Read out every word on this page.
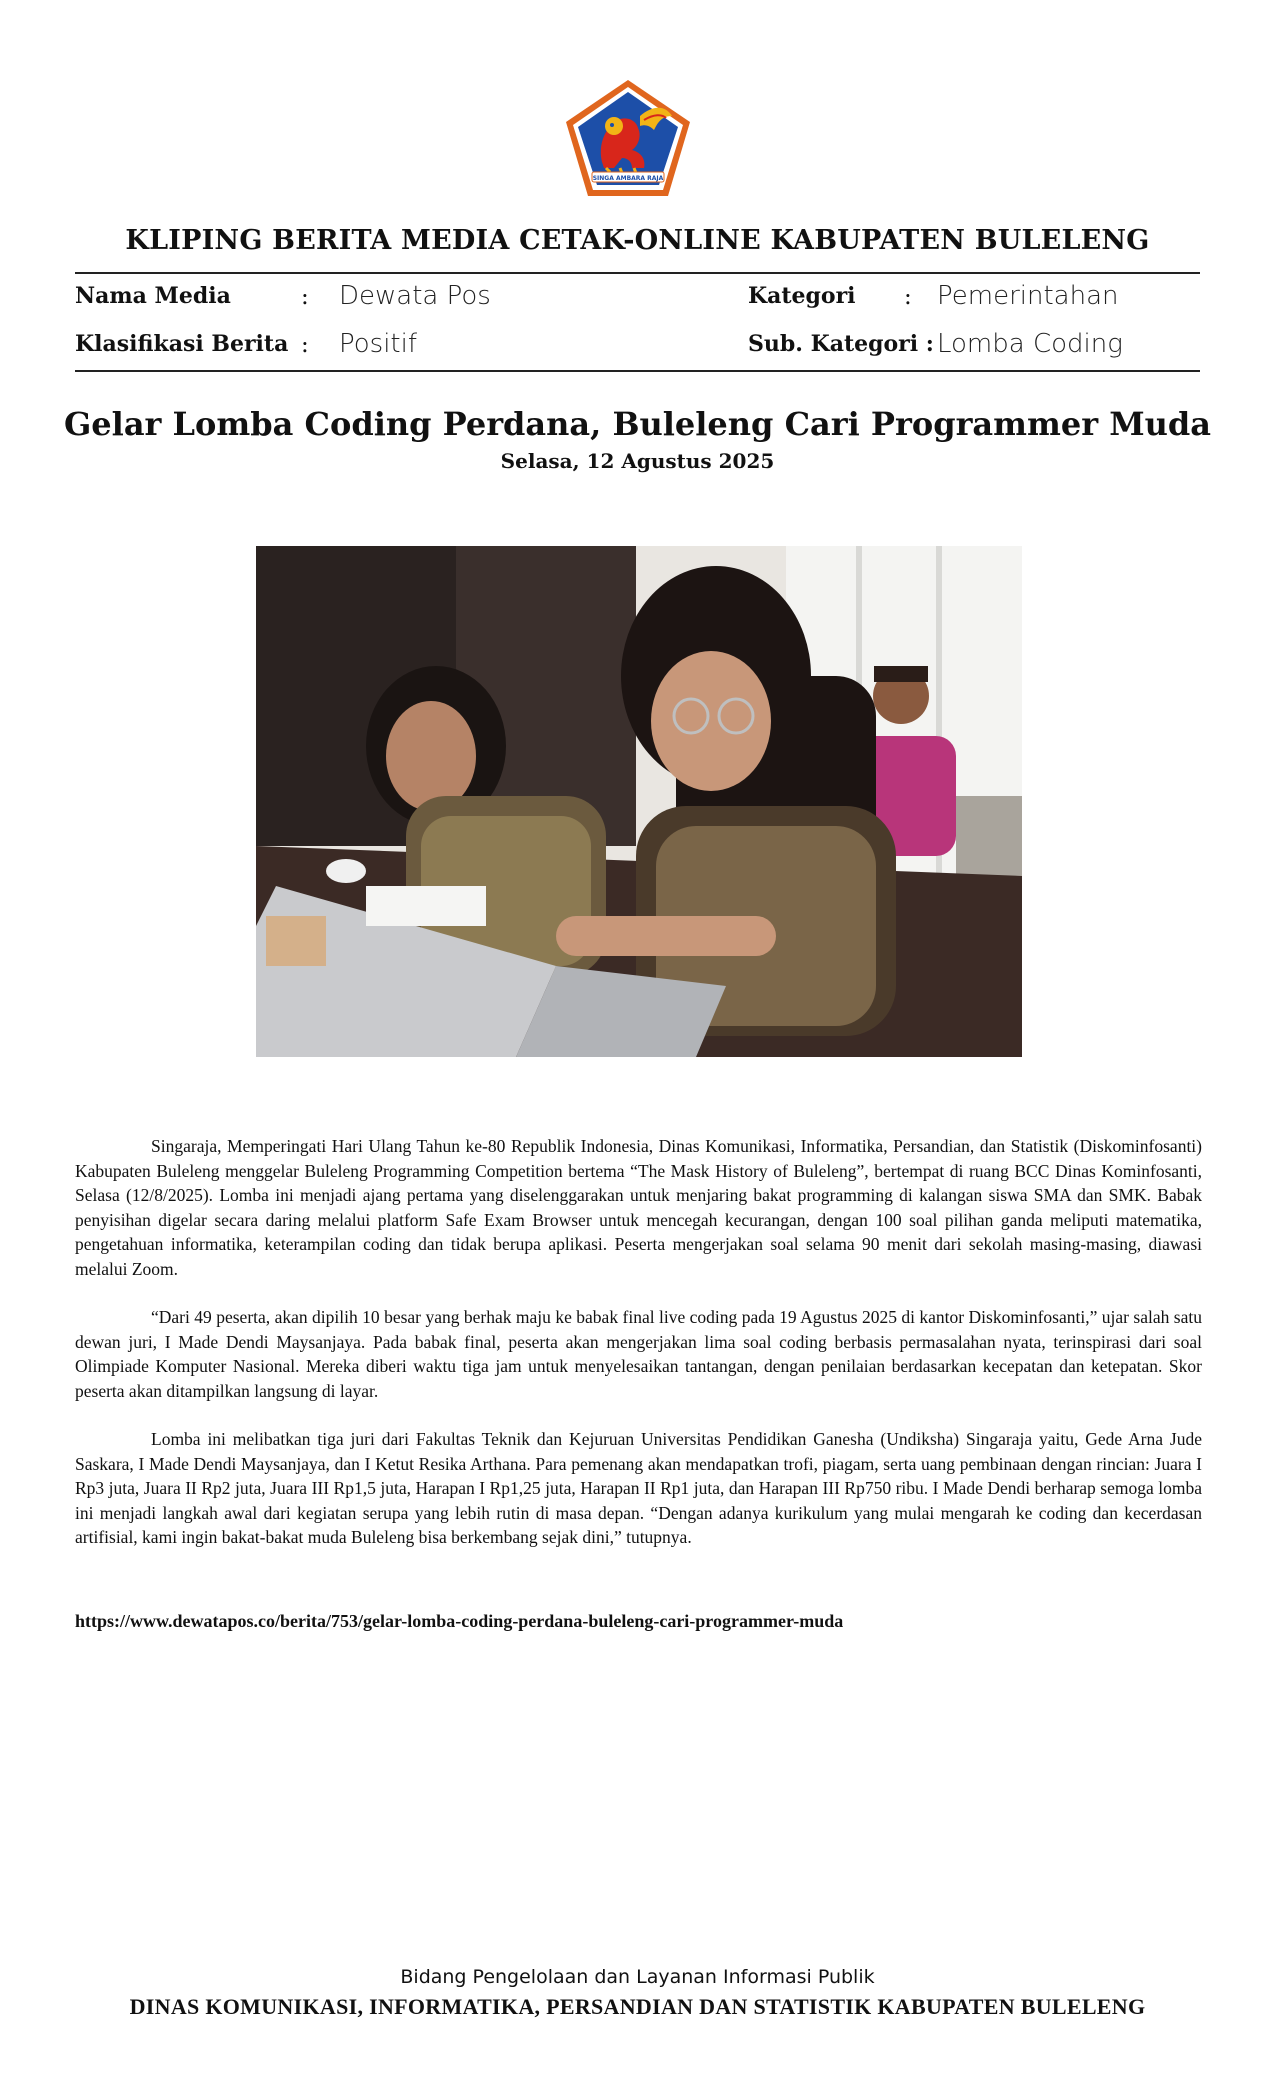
SINGA AMBARA RAJA
KLIPING BERITA MEDIA CETAK-ONLINE KABUPATEN BULELENG
Nama Media	: Dewata Pos	Kategori : Pemerintahan
Klasifikasi Berita : Positif	Sub. Kategori : Lomba Coding
Gelar Lomba Coding Perdana, Buleleng Cari Programmer Muda
Selasa, 12 Agustus 2025

Singaraja, Memperingati Hari Ulang Tahun ke-80 Republik Indonesia, Dinas Komunikasi, Informatika, Persandian, dan Statistik (Diskominfosanti) Kabupaten Buleleng menggelar Buleleng Programming Competition bertema “The Mask History of Buleleng”, bertempat di ruang BCC Dinas Kominfosanti, Selasa (12/8/2025). Lomba ini menjadi ajang pertama yang diselenggarakan untuk menjaring bakat programming di kalangan siswa SMA dan SMK. Babak penyisihan digelar secara daring melalui platform Safe Exam Browser untuk mencegah kecurangan, dengan 100 soal pilihan ganda meliputi matematika, pengetahuan informatika, keterampilan coding dan tidak berupa aplikasi. Peserta mengerjakan soal selama 90 menit dari sekolah masing-masing, diawasi melalui Zoom.

“Dari 49 peserta, akan dipilih 10 besar yang berhak maju ke babak final live coding pada 19 Agustus 2025 di kantor Diskominfosanti,” ujar salah satu dewan juri, I Made Dendi Maysanjaya. Pada babak final, peserta akan mengerjakan lima soal coding berbasis permasalahan nyata, terinspirasi dari soal Olimpiade Komputer Nasional. Mereka diberi waktu tiga jam untuk menyelesaikan tantangan, dengan penilaian berdasarkan kecepatan dan ketepatan. Skor peserta akan ditampilkan langsung di layar.

Lomba ini melibatkan tiga juri dari Fakultas Teknik dan Kejuruan Universitas Pendidikan Ganesha (Undiksha) Singaraja yaitu, Gede Arna Jude Saskara, I Made Dendi Maysanjaya, dan I Ketut Resika Arthana. Para pemenang akan mendapatkan trofi, piagam, serta uang pembinaan dengan rincian: Juara I Rp3 juta, Juara II Rp2 juta, Juara III Rp1,5 juta, Harapan I Rp1,25 juta, Harapan II Rp1 juta, dan Harapan III Rp750 ribu. I Made Dendi berharap semoga lomba ini menjadi langkah awal dari kegiatan serupa yang lebih rutin di masa depan. “Dengan adanya kurikulum yang mulai mengarah ke coding dan kecerdasan artifisial, kami ingin bakat-bakat muda Buleleng bisa berkembang sejak dini,” tutupnya.

https://www.dewatapos.co/berita/753/gelar-lomba-coding-perdana-buleleng-cari-programmer-muda
Bidang Pengelolaan dan Layanan Informasi Publik
DINAS KOMUNIKASI, INFORMATIKA, PERSANDIAN DAN STATISTIK KABUPATEN BULELENG
